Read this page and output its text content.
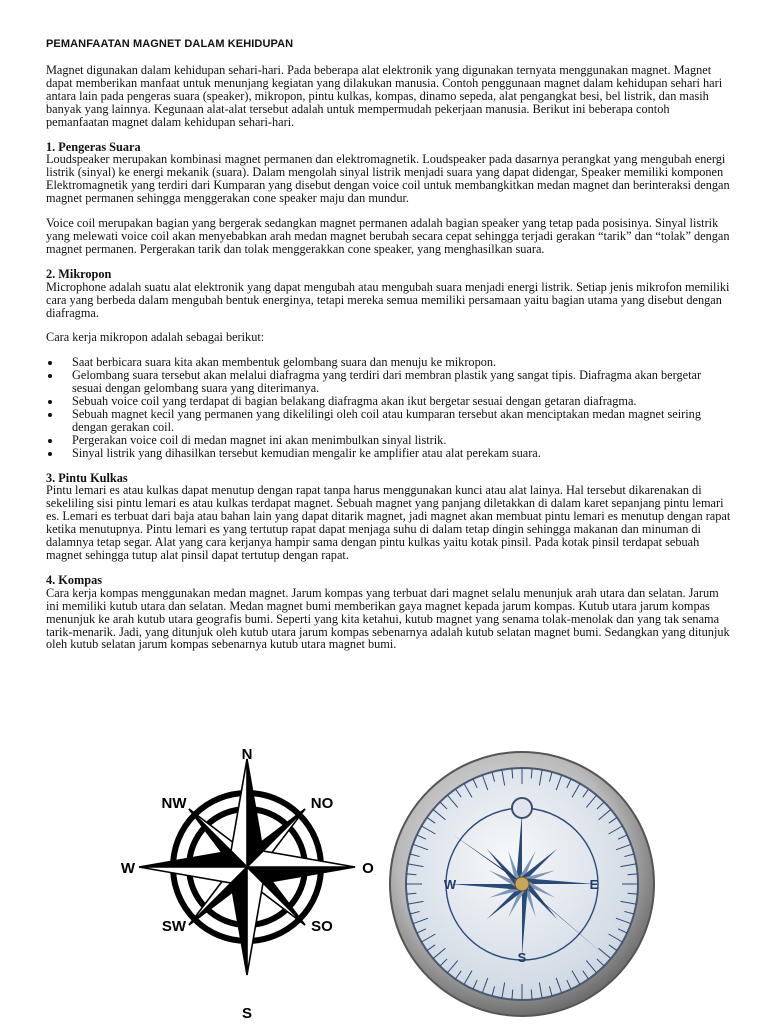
PEMANFAATAN MAGNET DALAM KEHIDUPAN

Magnet digunakan dalam kehidupan sehari-hari. Pada beberapa alat elektronik yang digunakan ternyata menggunakan magnet. Magnet dapat memberikan manfaat untuk menunjang kegiatan yang dilakukan manusia. Contoh penggunaan magnet dalam kehidupan sehari hari antara lain pada pengeras suara (speaker), mikropon, pintu kulkas, kompas, dinamo sepeda, alat pengangkat besi, bel listrik, dan masih banyak yang lainnya. Kegunaan alat-alat tersebut adalah untuk mempermudah pekerjaan manusia. Berikut ini beberapa contoh pemanfaatan magnet dalam kehidupan sehari-hari.

1. Pengeras Suara

Loudspeaker merupakan kombinasi magnet permanen dan elektromagnetik. Loudspeaker pada dasarnya perangkat yang mengubah energi listrik (sinyal) ke energi mekanik (suara). Dalam mengolah sinyal listrik menjadi suara yang dapat didengar, Speaker memiliki komponen Elektromagnetik yang terdiri dari Kumparan yang disebut dengan voice coil untuk membangkitkan medan magnet dan berinteraksi dengan magnet permanen sehingga menggerakan cone speaker maju dan mundur.

Voice coil merupakan bagian yang bergerak sedangkan magnet permanen adalah bagian speaker yang tetap pada posisinya. Sinyal listrik yang melewati voice coil akan menyebabkan arah medan magnet berubah secara cepat sehingga terjadi gerakan “tarik” dan “tolak” dengan magnet permanen. Pergerakan tarik dan tolak menggerakkan cone speaker, yang menghasilkan suara.

2. Mikropon

Microphone adalah suatu alat elektronik yang dapat mengubah atau mengubah suara menjadi energi listrik. Setiap jenis mikrofon memiliki cara yang berbeda dalam mengubah bentuk energinya, tetapi mereka semua memiliki persamaan yaitu bagian utama yang disebut dengan diafragma.

Cara kerja mikropon adalah sebagai berikut:

• Saat berbicara suara kita akan membentuk gelombang suara dan menuju ke mikropon.
• Gelombang suara tersebut akan melalui diafragma yang terdiri dari membran plastik yang sangat tipis. Diafragma akan bergetar sesuai dengan gelombang suara yang diterimanya.
• Sebuah voice coil yang terdapat di bagian belakang diafragma akan ikut bergetar sesuai dengan getaran diafragma.
• Sebuah magnet kecil yang permanen yang dikelilingi oleh coil atau kumparan tersebut akan menciptakan medan magnet seiring dengan gerakan coil.
• Pergerakan voice coil di medan magnet ini akan menimbulkan sinyal listrik.
• Sinyal listrik yang dihasilkan tersebut kemudian mengalir ke amplifier atau alat perekam suara.

3. Pintu Kulkas

Pintu lemari es atau kulkas dapat menutup dengan rapat tanpa harus menggunakan kunci atau alat lainya. Hal tersebut dikarenakan di sekeliling sisi pintu lemari es atau kulkas terdapat magnet. Sebuah magnet yang panjang diletakkan di dalam karet sepanjang pintu lemari es. Lemari es terbuat dari baja atau bahan lain yang dapat ditarik magnet, jadi magnet akan membuat pintu lemari es menutup dengan rapat ketika menutupnya. Pintu lemari es yang tertutup rapat dapat menjaga suhu di dalam tetap dingin sehingga makanan dan minuman di dalamnya tetap segar. Alat yang cara kerjanya hampir sama dengan pintu kulkas yaitu kotak pinsil. Pada kotak pinsil terdapat sebuah magnet sehingga tutup alat pinsil dapat tertutup dengan rapat.

4. Kompas

Cara kerja kompas menggunakan medan magnet. Jarum kompas yang terbuat dari magnet selalu menunjuk arah utara dan selatan. Jarum ini memiliki kutub utara dan selatan. Medan magnet bumi memberikan gaya magnet kepada jarum kompas. Kutub utara jarum kompas menunjuk ke arah kutub utara geografis bumi. Seperti yang kita ketahui, kutub magnet yang senama tolak-menolak dan yang tak senama tarik-menarik. Jadi, yang ditunjuk oleh kutub utara jarum kompas sebenarnya adalah kutub selatan magnet bumi. Sedangkan yang ditunjuk oleh kutub selatan jarum kompas sebenarnya kutub utara magnet bumi.

N
S
W	O
NW	NO
SW	SO
S
E
W
